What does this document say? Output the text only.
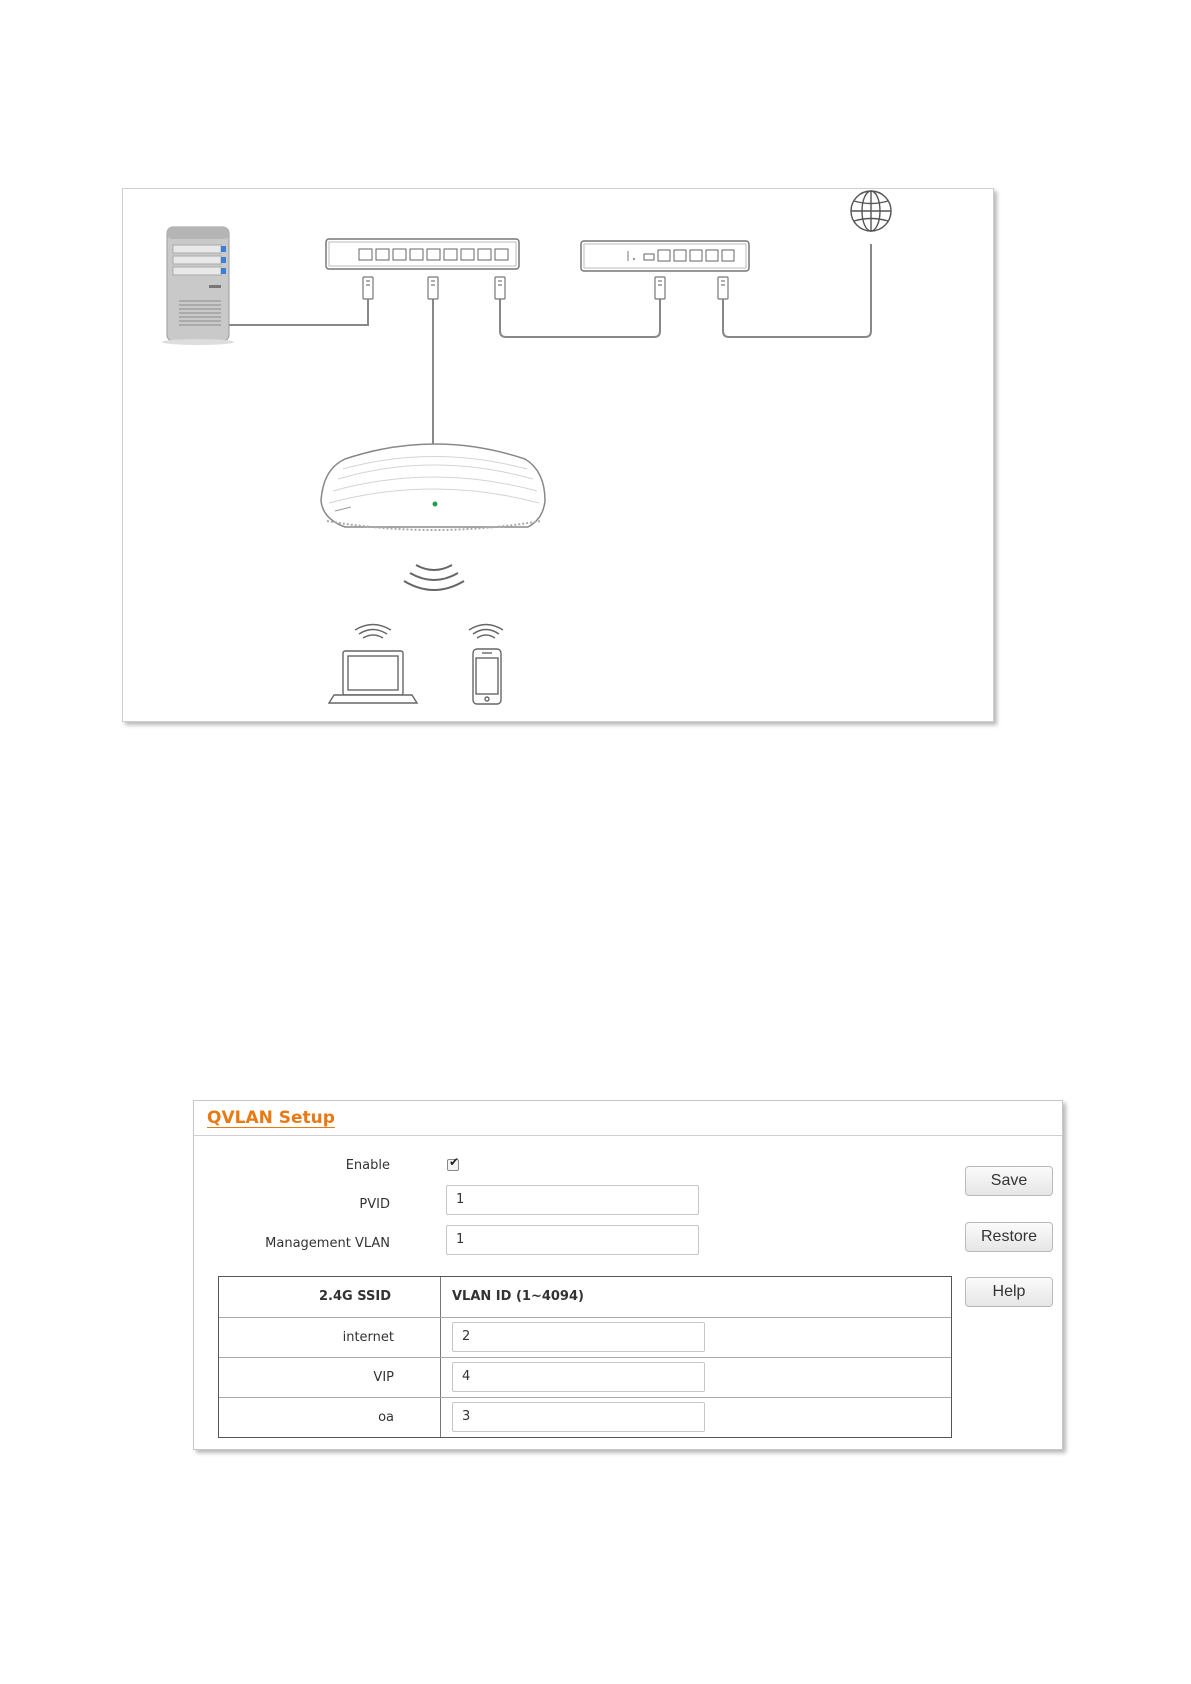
QVLAN Setup
Enable	✔
PVID	1
Management VLAN	1
Save
Restore
Help
2.4G SSID	VLAN ID (1~4094)
internet	2
VIP	4
oa	3
